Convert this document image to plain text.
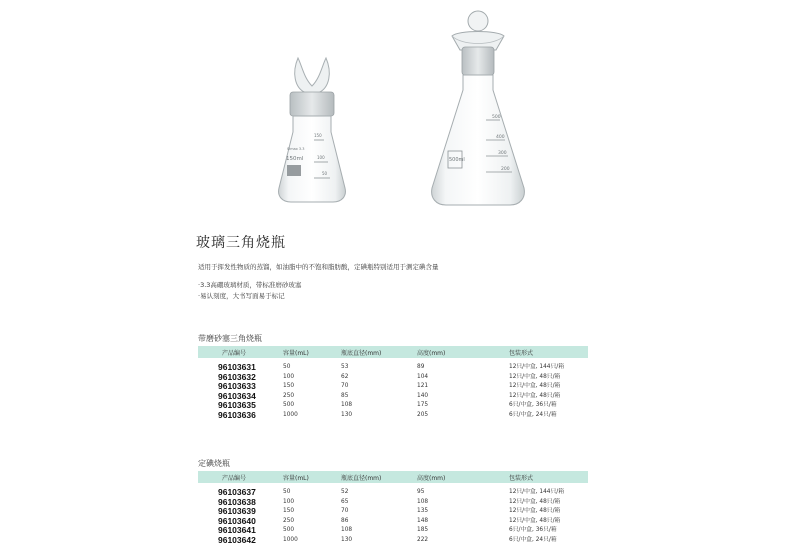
Simax 3.3
150ml
150
100
50
500ml
500
400
300
200
玻璃三角烧瓶
适用于挥发性物质的蒸馏，如油脂中的不饱和脂肪酸，定碘瓶特别适用于测定碘含量
·3.3高硼玻璃材质，带标准磨砂玻塞
·易认刻度，大书写面易于标记
带磨砂塞三角烧瓶
产品编号	容量(mL)	瓶底直径(mm)	高度(mm)	包装形式

96103631	50	53	89	12只/中盒, 144只/箱
96103632	100	62	104	12只/中盒, 48只/箱
96103633	150	70	121	12只/中盒, 48只/箱
96103634	250	85	140	12只/中盒, 48只/箱
96103635	500	108	175	6只/中盒, 36只/箱
96103636	1000	130	205	6只/中盒, 24只/箱
定碘烧瓶
产品编号	容量(mL)	瓶底直径(mm)	高度(mm)	包装形式

96103637	50	52	95	12只/中盒, 144只/箱
96103638	100	65	108	12只/中盒, 48只/箱
96103639	150	70	135	12只/中盒, 48只/箱
96103640	250	86	148	12只/中盒, 48只/箱
96103641	500	108	185	6只/中盒, 36只/箱
96103642	1000	130	222	6只/中盒, 24只/箱
